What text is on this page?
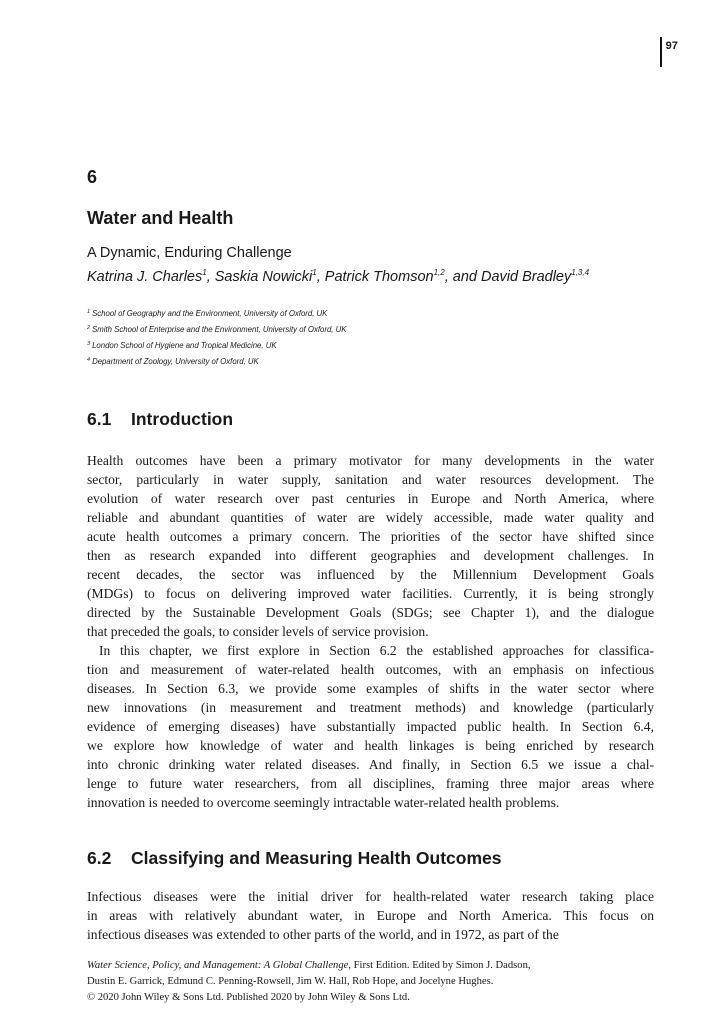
97
6
Water and Health
A Dynamic, Enduring Challenge
Katrina J. Charles$^1$, Saskia Nowicki$^1$, Patrick Thomson$^{1,2}$, and David Bradley$^{1,3,4}$
$^1$ School of Geography and the Environment, University of Oxford, UK
$^2$ Smith School of Enterprise and the Environment, University of Oxford, UK
$^3$ London School of Hygiene and Tropical Medicine, UK
$^4$ Department of Zoology, University of Oxford, UK
6.1 Introduction
Health outcomes have been a primary motivator for many developments in the water
sector, particularly in water supply, sanitation and water resources development. The
evolution of water research over past centuries in Europe and North America, where
reliable and abundant quantities of water are widely accessible, made water quality and
acute health outcomes a primary concern. The priorities of the sector have shifted since
then as research expanded into different geographies and development challenges. In
recent decades, the sector was influenced by the Millennium Development Goals
(MDGs) to focus on delivering improved water facilities. Currently, it is being strongly
directed by the Sustainable Development Goals (SDGs; see Chapter 1), and the dialogue
that preceded the goals, to consider levels of service provision.
In this chapter, we first explore in Section 6.2 the established approaches for classifica-
tion and measurement of water-related health outcomes, with an emphasis on infectious
diseases. In Section 6.3, we provide some examples of shifts in the water sector where
new innovations (in measurement and treatment methods) and knowledge (particularly
evidence of emerging diseases) have substantially impacted public health. In Section 6.4,
we explore how knowledge of water and health linkages is being enriched by research
into chronic drinking water related diseases. And finally, in Section 6.5 we issue a chal-
lenge to future water researchers, from all disciplines, framing three major areas where
innovation is needed to overcome seemingly intractable water-related health problems.
6.2 Classifying and Measuring Health Outcomes
Infectious diseases were the initial driver for health-related water research taking place
in areas with relatively abundant water, in Europe and North America. This focus on
infectious diseases was extended to other parts of the world, and in 1972, as part of the
Water Science, Policy, and Management: A Global Challenge, First Edition. Edited by Simon J. Dadson,
Dustin E. Garrick, Edmund C. Penning-Rowsell, Jim W. Hall, Rob Hope, and Jocelyne Hughes.
© 2020 John Wiley & Sons Ltd. Published 2020 by John Wiley & Sons Ltd.
